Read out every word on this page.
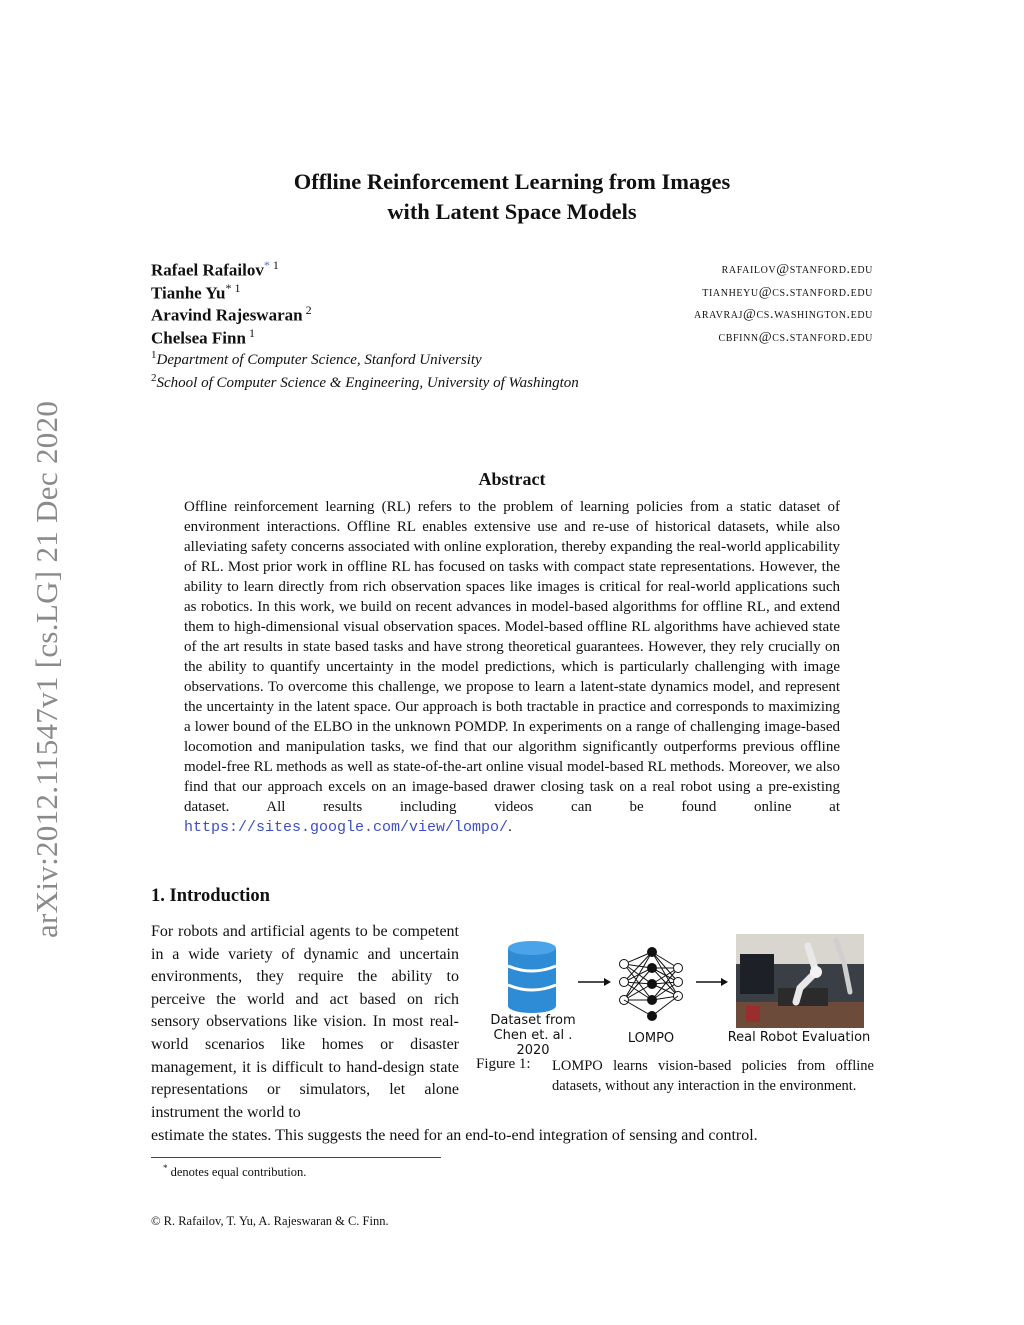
arXiv:2012.11547v1 [cs.LG] 21 Dec 2020
Offline Reinforcement Learning from Images
with Latent Space Models
Rafael Rafailov* $^1$	rafailov@stanford.edu
Tianhe Yu* $^1$	tianheyu@cs.stanford.edu
Aravind Rajeswaran $^2$	aravraj@cs.washington.edu
Chelsea Finn $^1$	cbfinn@cs.stanford.edu
$^1$Department of Computer Science, Stanford University
$^2$School of Computer Science & Engineering, University of Washington
Abstract
Offline reinforcement learning (RL) refers to the problem of learning policies from a static dataset of environment interactions. Offline RL enables extensive use and re-use of historical datasets, while also alleviating safety concerns associated with online exploration, thereby expanding the real-world applicability of RL. Most prior work in offline RL has focused on tasks with compact state representations. However, the ability to learn directly from rich observation spaces like images is critical for real-world applications such as robotics. In this work, we build on recent advances in model-based algorithms for offline RL, and extend them to high-dimensional visual observation spaces. Model-based offline RL algorithms have achieved state of the art results in state based tasks and have strong theoretical guarantees. However, they rely crucially on the ability to quantify uncertainty in the model predictions, which is particularly challenging with image observations. To overcome this challenge, we propose to learn a latent-state dynamics model, and represent the uncertainty in the latent space. Our approach is both tractable in practice and corresponds to maximizing a lower bound of the ELBO in the unknown POMDP. In experiments on a range of challenging image-based locomotion and manipulation tasks, we find that our algorithm significantly outperforms previous offline model-free RL methods as well as state-of-the-art online visual model-based RL methods. Moreover, we also find that our approach excels on an image-based drawer closing task on a real robot using a pre-existing dataset. All results including videos can be found online at https://sites.google.com/view/lompo/.
1. Introduction
For robots and artificial agents to be competent in a wide variety of dynamic and uncertain environments, they require the ability to perceive the world and act based on rich sensory observations like vision. In most real-world scenarios like homes or disaster management, it is difficult to hand-design state representations or simulators, let alone instrument the world to
estimate the states. This suggests the need for an end-to-end integration of sensing and control.
Dataset from
Chen et. al . 2020
LOMPO	Real Robot Evaluation
Figure 1: LOMPO learns vision-based policies from offline datasets, without any interaction in the environment.
* denotes equal contribution.
© R. Rafailov, T. Yu, A. Rajeswaran & C. Finn.
